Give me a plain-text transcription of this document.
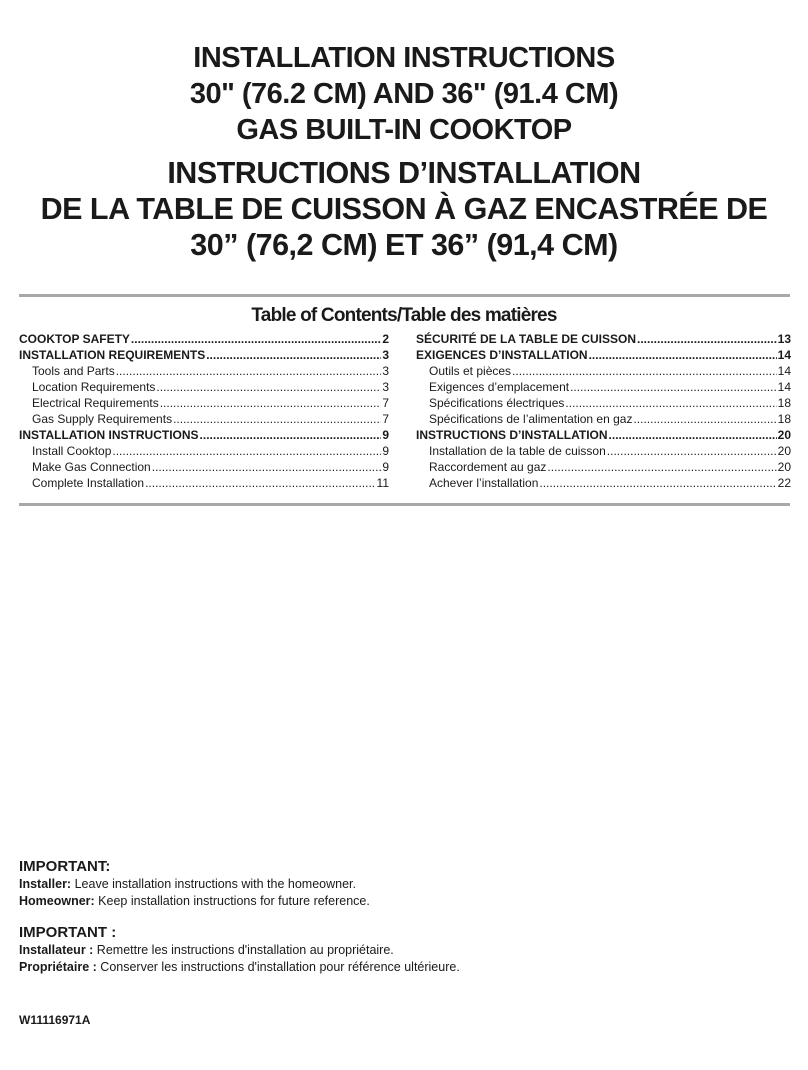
INSTALLATION INSTRUCTIONS
30" (76.2 CM) AND 36" (91.4 CM)
GAS BUILT-IN COOKTOP
INSTRUCTIONS D’INSTALLATION
DE LA TABLE DE CUISSON À GAZ ENCASTRÉE DE
30” (76,2 CM) ET 36” (91,4 CM)
Table of Contents/Table des matières
COOKTOP SAFETY .....	2
INSTALLATION REQUIREMENTS .....	3
Tools and Parts .....	3
Location Requirements .....	3
Electrical Requirements .....	7
Gas Supply Requirements .....	7
INSTALLATION INSTRUCTIONS .....	9
Install Cooktop .....	9
Make Gas Connection .....	9
Complete Installation .....	11
SÉCURITÉ DE LA TABLE DE CUISSON .....	13
EXIGENCES D’INSTALLATION .....	14
Outils et pièces .....	14
Exigences d’emplacement .....	14
Spécifications électriques .....	18
Spécifications de l’alimentation en gaz .....	18
INSTRUCTIONS D’INSTALLATION .....	20
Installation de la table de cuisson .....	20
Raccordement au gaz .....	20
Achever l’installation .....	22
IMPORTANT:
Installer: Leave installation instructions with the homeowner.
Homeowner: Keep installation instructions for future reference.
IMPORTANT :
Installateur : Remettre les instructions d'installation au propriétaire.
Propriétaire : Conserver les instructions d'installation pour référence ultérieure.
W11116971A
